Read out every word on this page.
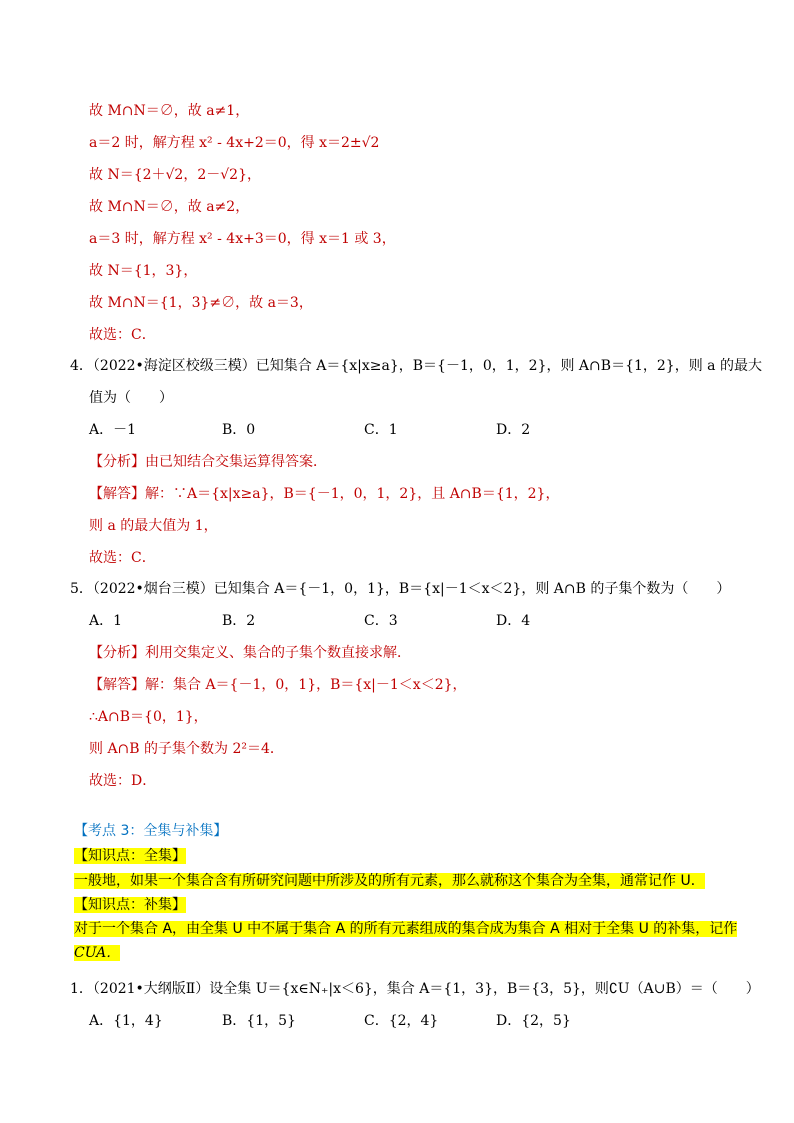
故 M∩N＝∅，故 a≠1，
a＝2 时，解方程 x² - 4x+2＝0，得 x＝2±√2
故 N＝{2＋√2，2－√2}，
故 M∩N＝∅，故 a≠2，
a＝3 时，解方程 x² - 4x+3＝0，得 x＝1 或 3，
故 N＝{1，3}，
故 M∩N＝{1，3}≠∅，故 a＝3，
故选：C．
4．（2022•海淀区校级三模）已知集合 A＝{x|x≥a}，B＝{－1，0，1，2}，则 A∩B＝{1，2}，则 a 的最大
值为（　　）
A．－1	B．0	C．1	D．2
【分析】由已知结合交集运算得答案．
【解答】解：∵A＝{x|x≥a}，B＝{－1，0，1，2}，且 A∩B＝{1，2}，
则 a 的最大值为 1，
故选：C．
5．（2022•烟台三模）已知集合 A＝{－1，0，1}，B＝{x|－1＜x＜2}，则 A∩B 的子集个数为（　　）
A．1	B．2	C．3	D．4
【分析】利用交集定义、集合的子集个数直接求解．
【解答】解：集合 A＝{－1，0，1}，B＝{x|－1＜x＜2}，
∴A∩B＝{0，1}，
则 A∩B 的子集个数为 2²＝4．
故选：D．
【考点 3：全集与补集】
【知识点：全集】
一般地，如果一个集合含有所研究问题中所涉及的所有元素，那么就称这个集合为全集，通常记作 U．
【知识点：补集】
对于一个集合 A，由全集 U 中不属于集合 A 的所有元素组成的集合成为集合 A 相对于全集 U 的补集，记作
CUA．
1．（2021•大纲版Ⅱ）设全集 U＝{x∈N₊|x＜6}，集合 A＝{1，3}，B＝{3，5}，则∁U（A∪B）＝（　　）
A．{1，4}	B．{1，5}	C．{2，4}	D．{2，5}
